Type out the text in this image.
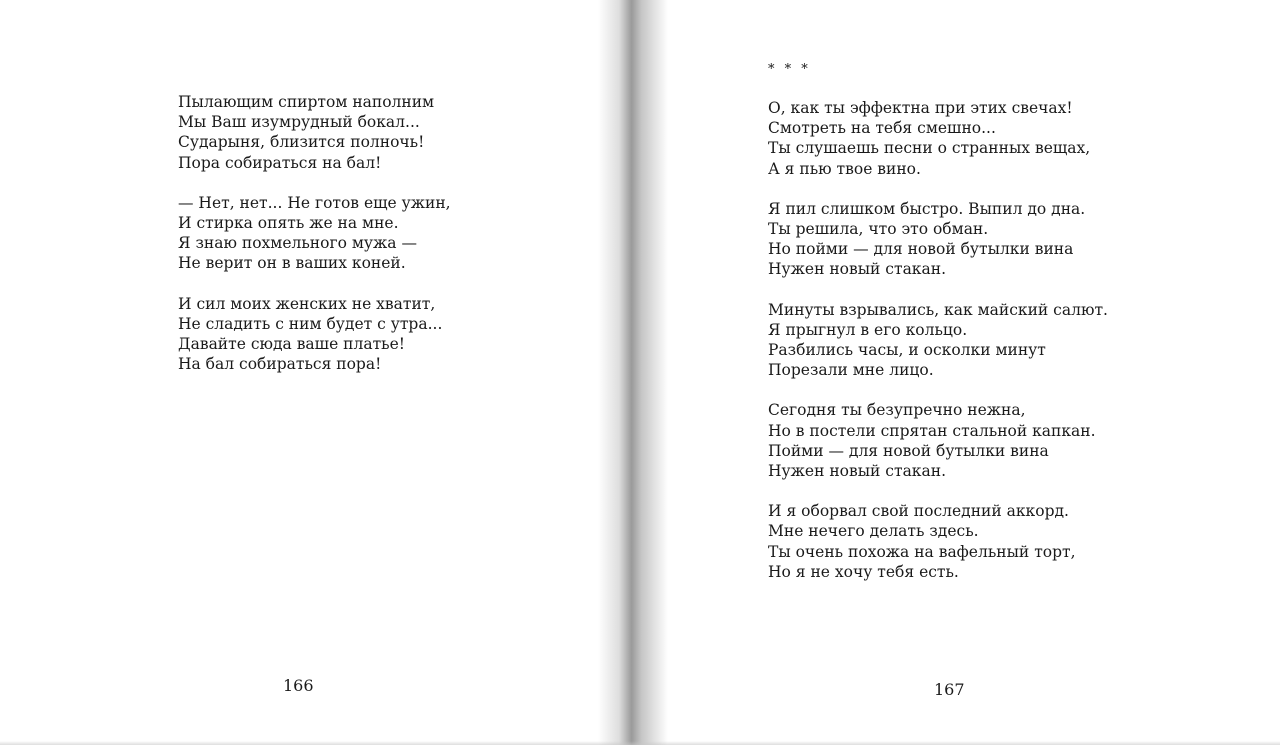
Пылающим спиртом наполним
Мы Ваш изумрудный бокал...
Сударыня, близится полночь!
Пора собираться на бал!
— Нет, нет... Не готов еще ужин,
И стирка опять же на мне.
Я знаю похмельного мужа —
Не верит он в ваших коней.
И сил моих женских не хватит,
Не сладить с ним будет с утра...
Давайте сюда ваше платье!
На бал собираться пора!
166
* * *
О, как ты эффектна при этих свечах!
Смотреть на тебя смешно...
Ты слушаешь песни о странных вещах,
А я пью твое вино.
Я пил слишком быстро. Выпил до дна.
Ты решила, что это обман.
Но пойми — для новой бутылки вина
Нужен новый стакан.
Минуты взрывались, как майский салют.
Я прыгнул в его кольцо.
Разбились часы, и осколки минут
Порезали мне лицо.
Сегодня ты безупречно нежна,
Но в постели спрятан стальной капкан.
Пойми — для новой бутылки вина
Нужен новый стакан.
И я оборвал свой последний аккорд.
Мне нечего делать здесь.
Ты очень похожа на вафельный торт,
Но я не хочу тебя есть.
167
